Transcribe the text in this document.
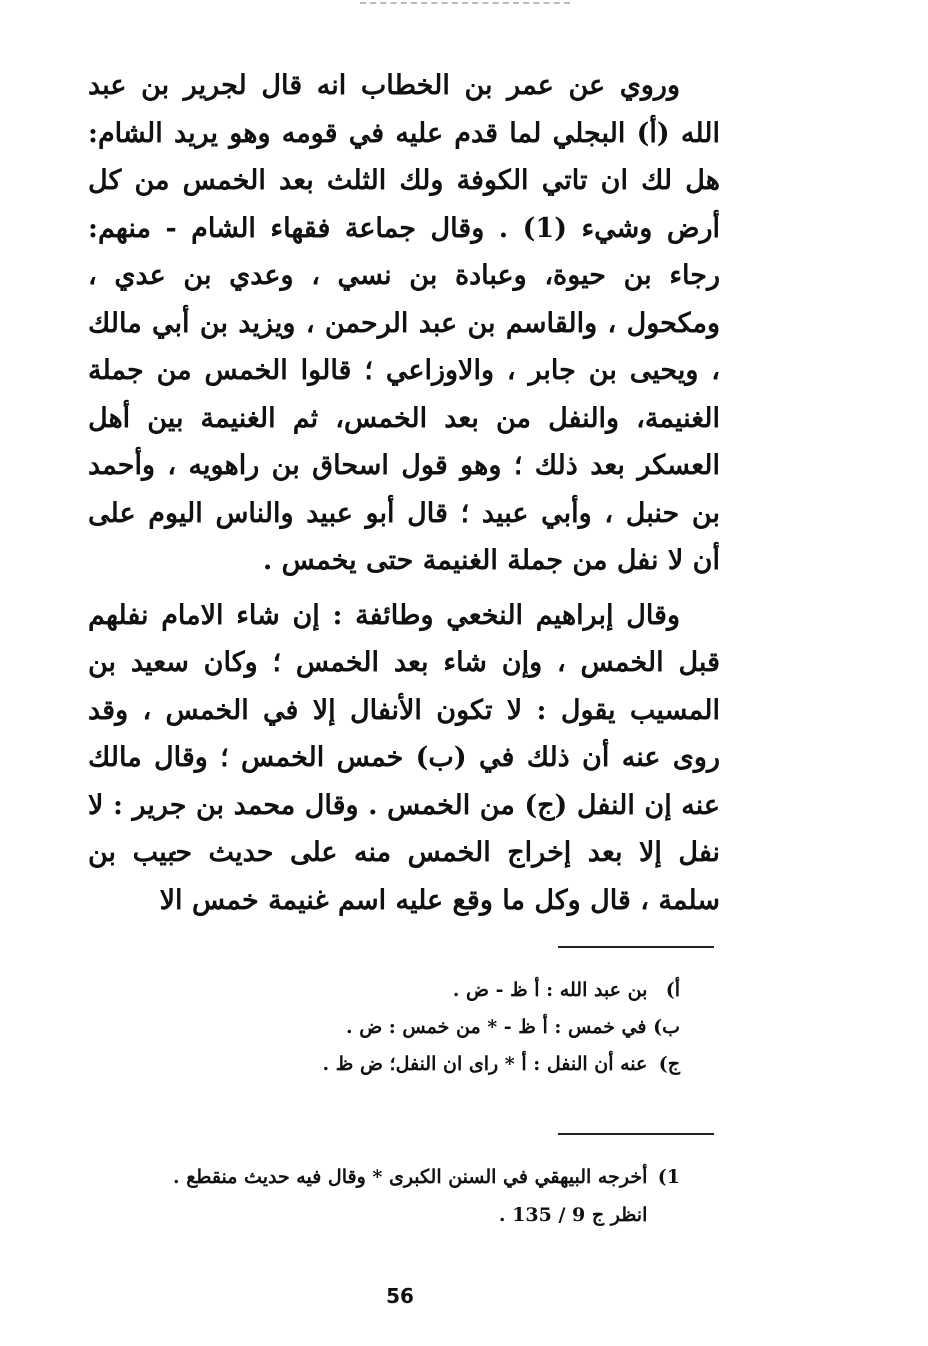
وروي عن عمر بن الخطاب انه قال لجرير بن عبد الله (أ) البجلي لما قدم عليه في قومه وهو يريد الشام: هل لك ان تاتي الكوفة ولك الثلث بعد الخمس من كل أرض وشيء (1) . وقال جماعة فقهاء الشام - منهم: رجاء بن حيوة، وعبادة بن نسي ، وعدي بن عدي ، ومكحول ، والقاسم بن عبد الرحمن ، ويزيد بن أبي مالك ، ويحيى بن جابر ، والاوزاعي ؛ قالوا الخمس من جملة الغنيمة، والنفل من بعد الخمس، ثم الغنيمة بين أهل العسكر بعد ذلك ؛ وهو قول اسحاق بن راهويه ، وأحمد بن حنبل ، وأبي عبيد ؛ قال أبو عبيد والناس اليوم على أن لا نفل من جملة الغنيمة حتى يخمس .

وقال إبراهيم النخعي وطائفة : إن شاء الامام نفلهم قبل الخمس ، وإن شاء بعد الخمس ؛ وكان سعيد بن المسيب يقول : لا تكون الأنفال إلا في الخمس ، وقد روى عنه أن ذلك في (ب) خمس الخمس ؛ وقال مالك عنه إن النفل (ج) من الخمس . وقال محمد بن جرير : لا نفل إلا بعد إخراج الخمس منه على حديث حبيب بن سلمة ، قال وكل ما وقع عليه اسم غنيمة خمس الا

أ) بن عبد الله : أ ظ - ض .
ب) في خمس : أ ظ - * من خمس : ض .
ج) عنه أن النفل : أ * راى ان النفل؛ ض ظ .
1) أخرجه البيهقي في السنن الكبرى * وقال فيه حديث منقطع .
انظر ج 9 / 135 .
56
